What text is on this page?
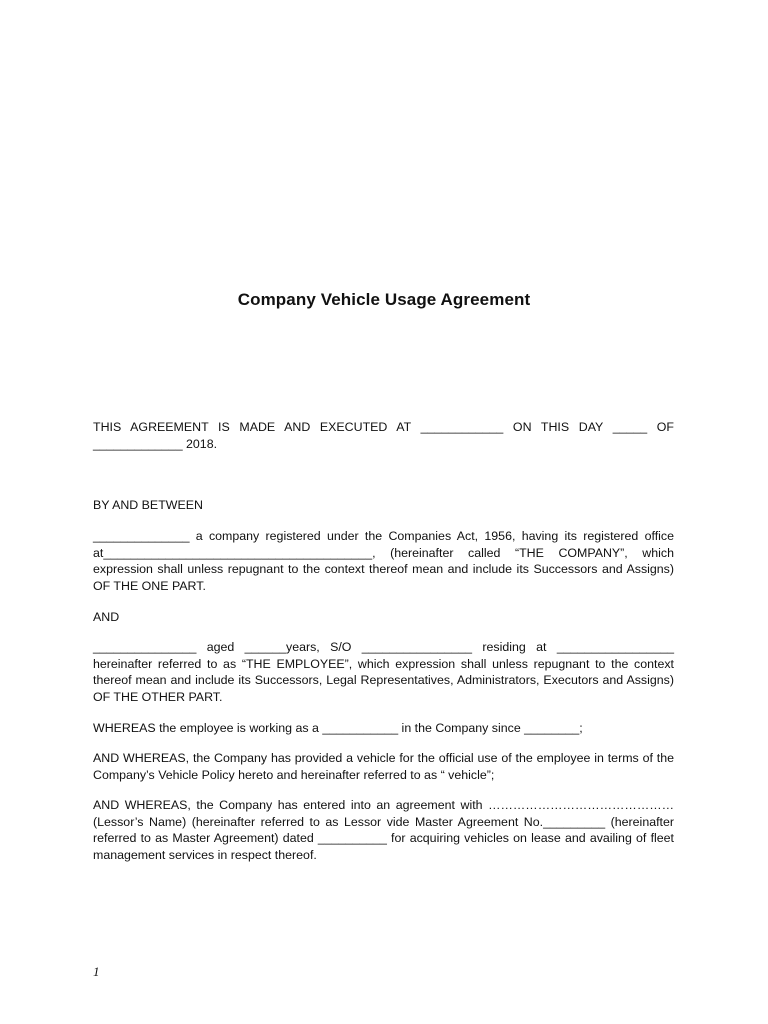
Company Vehicle Usage Agreement
THIS AGREEMENT IS MADE AND EXECUTED AT ____________ ON THIS DAY _____ OF _____________ 2018.
BY AND BETWEEN
______________ a company registered under the Companies Act, 1956, having its registered office at_______________________________________, (hereinafter called “THE COMPANY”, which expression shall unless repugnant to the context thereof mean and include its Successors and Assigns) OF THE ONE PART.
AND
_______________ aged ______years, S/O ________________ residing at _________________ hereinafter referred to as “THE EMPLOYEE”, which expression shall unless repugnant to the context thereof mean and include its Successors, Legal Representatives, Administrators, Executors and Assigns) OF THE OTHER PART.
WHEREAS the employee is working as a ___________ in the Company since ________;
AND WHEREAS, the Company has provided a vehicle for the official use of the employee in terms of the Company’s Vehicle Policy hereto and hereinafter referred to as “ vehicle”;
AND WHEREAS, the Company has entered into an agreement with ……………………………………… (Lessor’s Name) (hereinafter referred to as Lessor vide Master Agreement No._________ (hereinafter referred to as Master Agreement) dated __________ for acquiring vehicles on lease and availing of fleet management services in respect thereof.
1
